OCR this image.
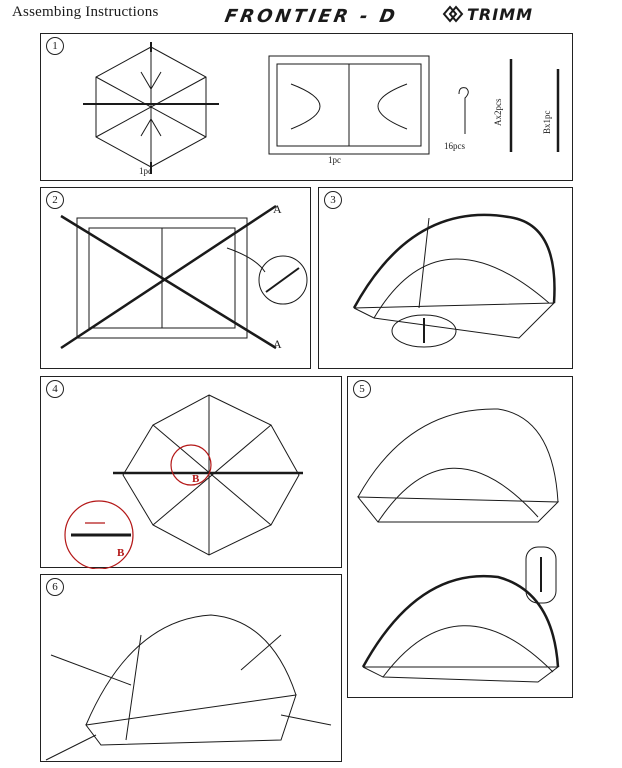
Assembing Instructions	FRONTIER - D	TRIMM
1
1pc
1pc
16pcs
Ax2pcs	Bx1pc
2
A
A
3
4
B
B
5
6
